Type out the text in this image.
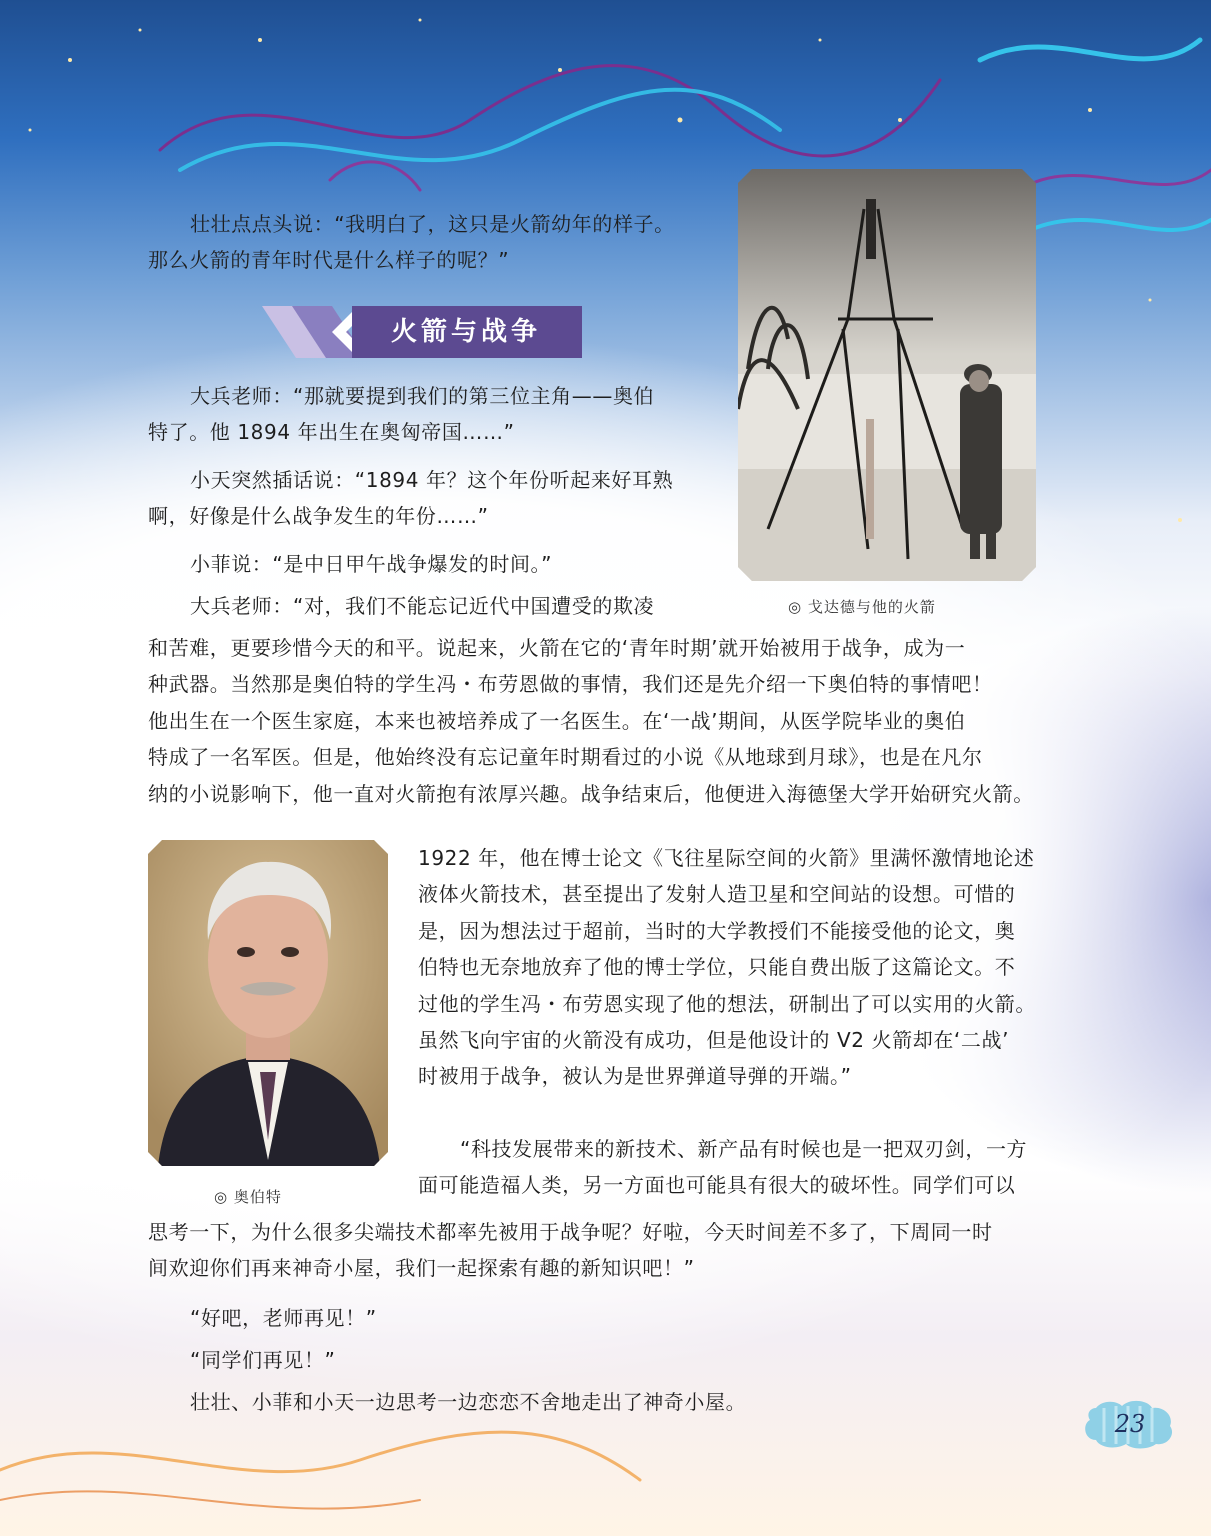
壮壮点点头说：“我明白了，这只是火箭幼年的样子。
那么火箭的青年时代是什么样子的呢？”

火箭与战争

大兵老师：“那就要提到我们的第三位主角——奥伯
特了。他 1894 年出生在奥匈帝国……”

小天突然插话说：“1894 年？这个年份听起来好耳熟
啊，好像是什么战争发生的年份……”

小菲说：“是中日甲午战争爆发的时间。”

大兵老师：“对，我们不能忘记近代中国遭受的欺凌	◎ 戈达德与他的火箭

和苦难，更要珍惜今天的和平。说起来，火箭在它的‘青年时期’就开始被用于战争，成为一
种武器。当然那是奥伯特的学生冯・布劳恩做的事情，我们还是先介绍一下奥伯特的事情吧！
他出生在一个医生家庭，本来也被培养成了一名医生。在‘一战’期间，从医学院毕业的奥伯
特成了一名军医。但是，他始终没有忘记童年时期看过的小说《从地球到月球》，也是在凡尔
纳的小说影响下，他一直对火箭抱有浓厚兴趣。战争结束后，他便进入海德堡大学开始研究火箭。

◎ 奥伯特

1922 年，他在博士论文《飞往星际空间的火箭》里满怀激情地论述
液体火箭技术，甚至提出了发射人造卫星和空间站的设想。可惜的
是，因为想法过于超前，当时的大学教授们不能接受他的论文，奥
伯特也无奈地放弃了他的博士学位，只能自费出版了这篇论文。不
过他的学生冯・布劳恩实现了他的想法，研制出了可以实用的火箭。
虽然飞向宇宙的火箭没有成功，但是他设计的 V2 火箭却在‘二战’
时被用于战争，被认为是世界弹道导弹的开端。”

“科技发展带来的新技术、新产品有时候也是一把双刃剑，一方
面可能造福人类，另一方面也可能具有很大的破坏性。同学们可以

思考一下，为什么很多尖端技术都率先被用于战争呢？好啦，今天时间差不多了，下周同一时
间欢迎你们再来神奇小屋，我们一起探索有趣的新知识吧！”

“好吧，老师再见！”

“同学们再见！”

壮壮、小菲和小天一边思考一边恋恋不舍地走出了神奇小屋。

23
